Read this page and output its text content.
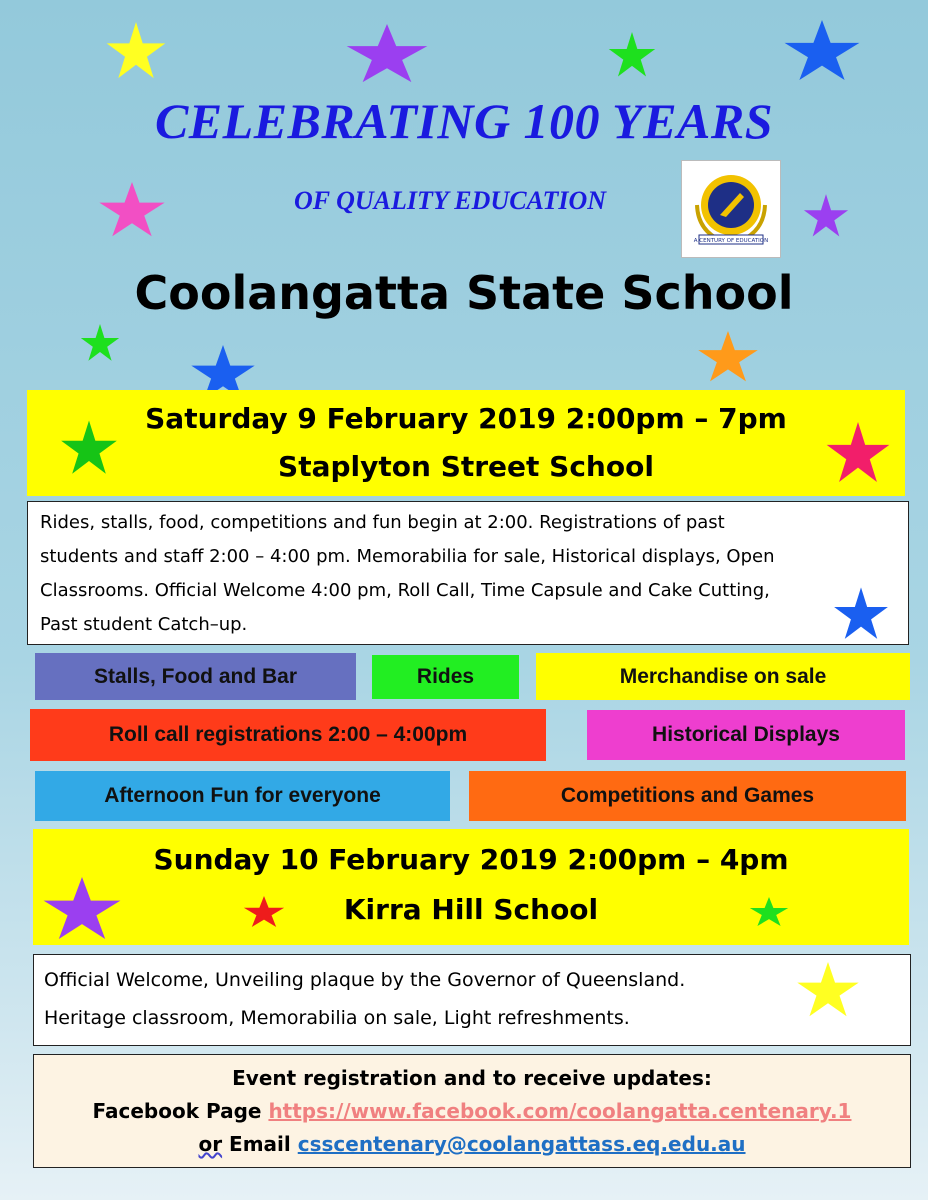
CELEBRATING 100 YEARS
OF QUALITY EDUCATION
A CENTURY OF EDUCATION
Coolangatta State School
Saturday 9 February 2019 2:00pm – 7pm
Staplyton Street School
Rides, stalls, food, competitions and fun begin at 2:00. Registrations of past
students and staff 2:00 – 4:00 pm. Memorabilia for sale, Historical displays, Open
Classrooms. Official Welcome 4:00 pm, Roll Call, Time Capsule and Cake Cutting,
Past student Catch–up.
Stalls, Food and Bar	Rides	Merchandise on sale
Roll call registrations 2:00 – 4:00pm	Historical Displays
Afternoon Fun for everyone	Competitions and Games
Sunday 10 February 2019 2:00pm – 4pm
Kirra Hill School
Official Welcome, Unveiling plaque by the Governor of Queensland.
Heritage classroom, Memorabilia on sale, Light refreshments.
Event registration and to receive updates:
Facebook Page https://www.facebook.com/coolangatta.centenary.1
or Email csscentenary@coolangattass.eq.edu.au
